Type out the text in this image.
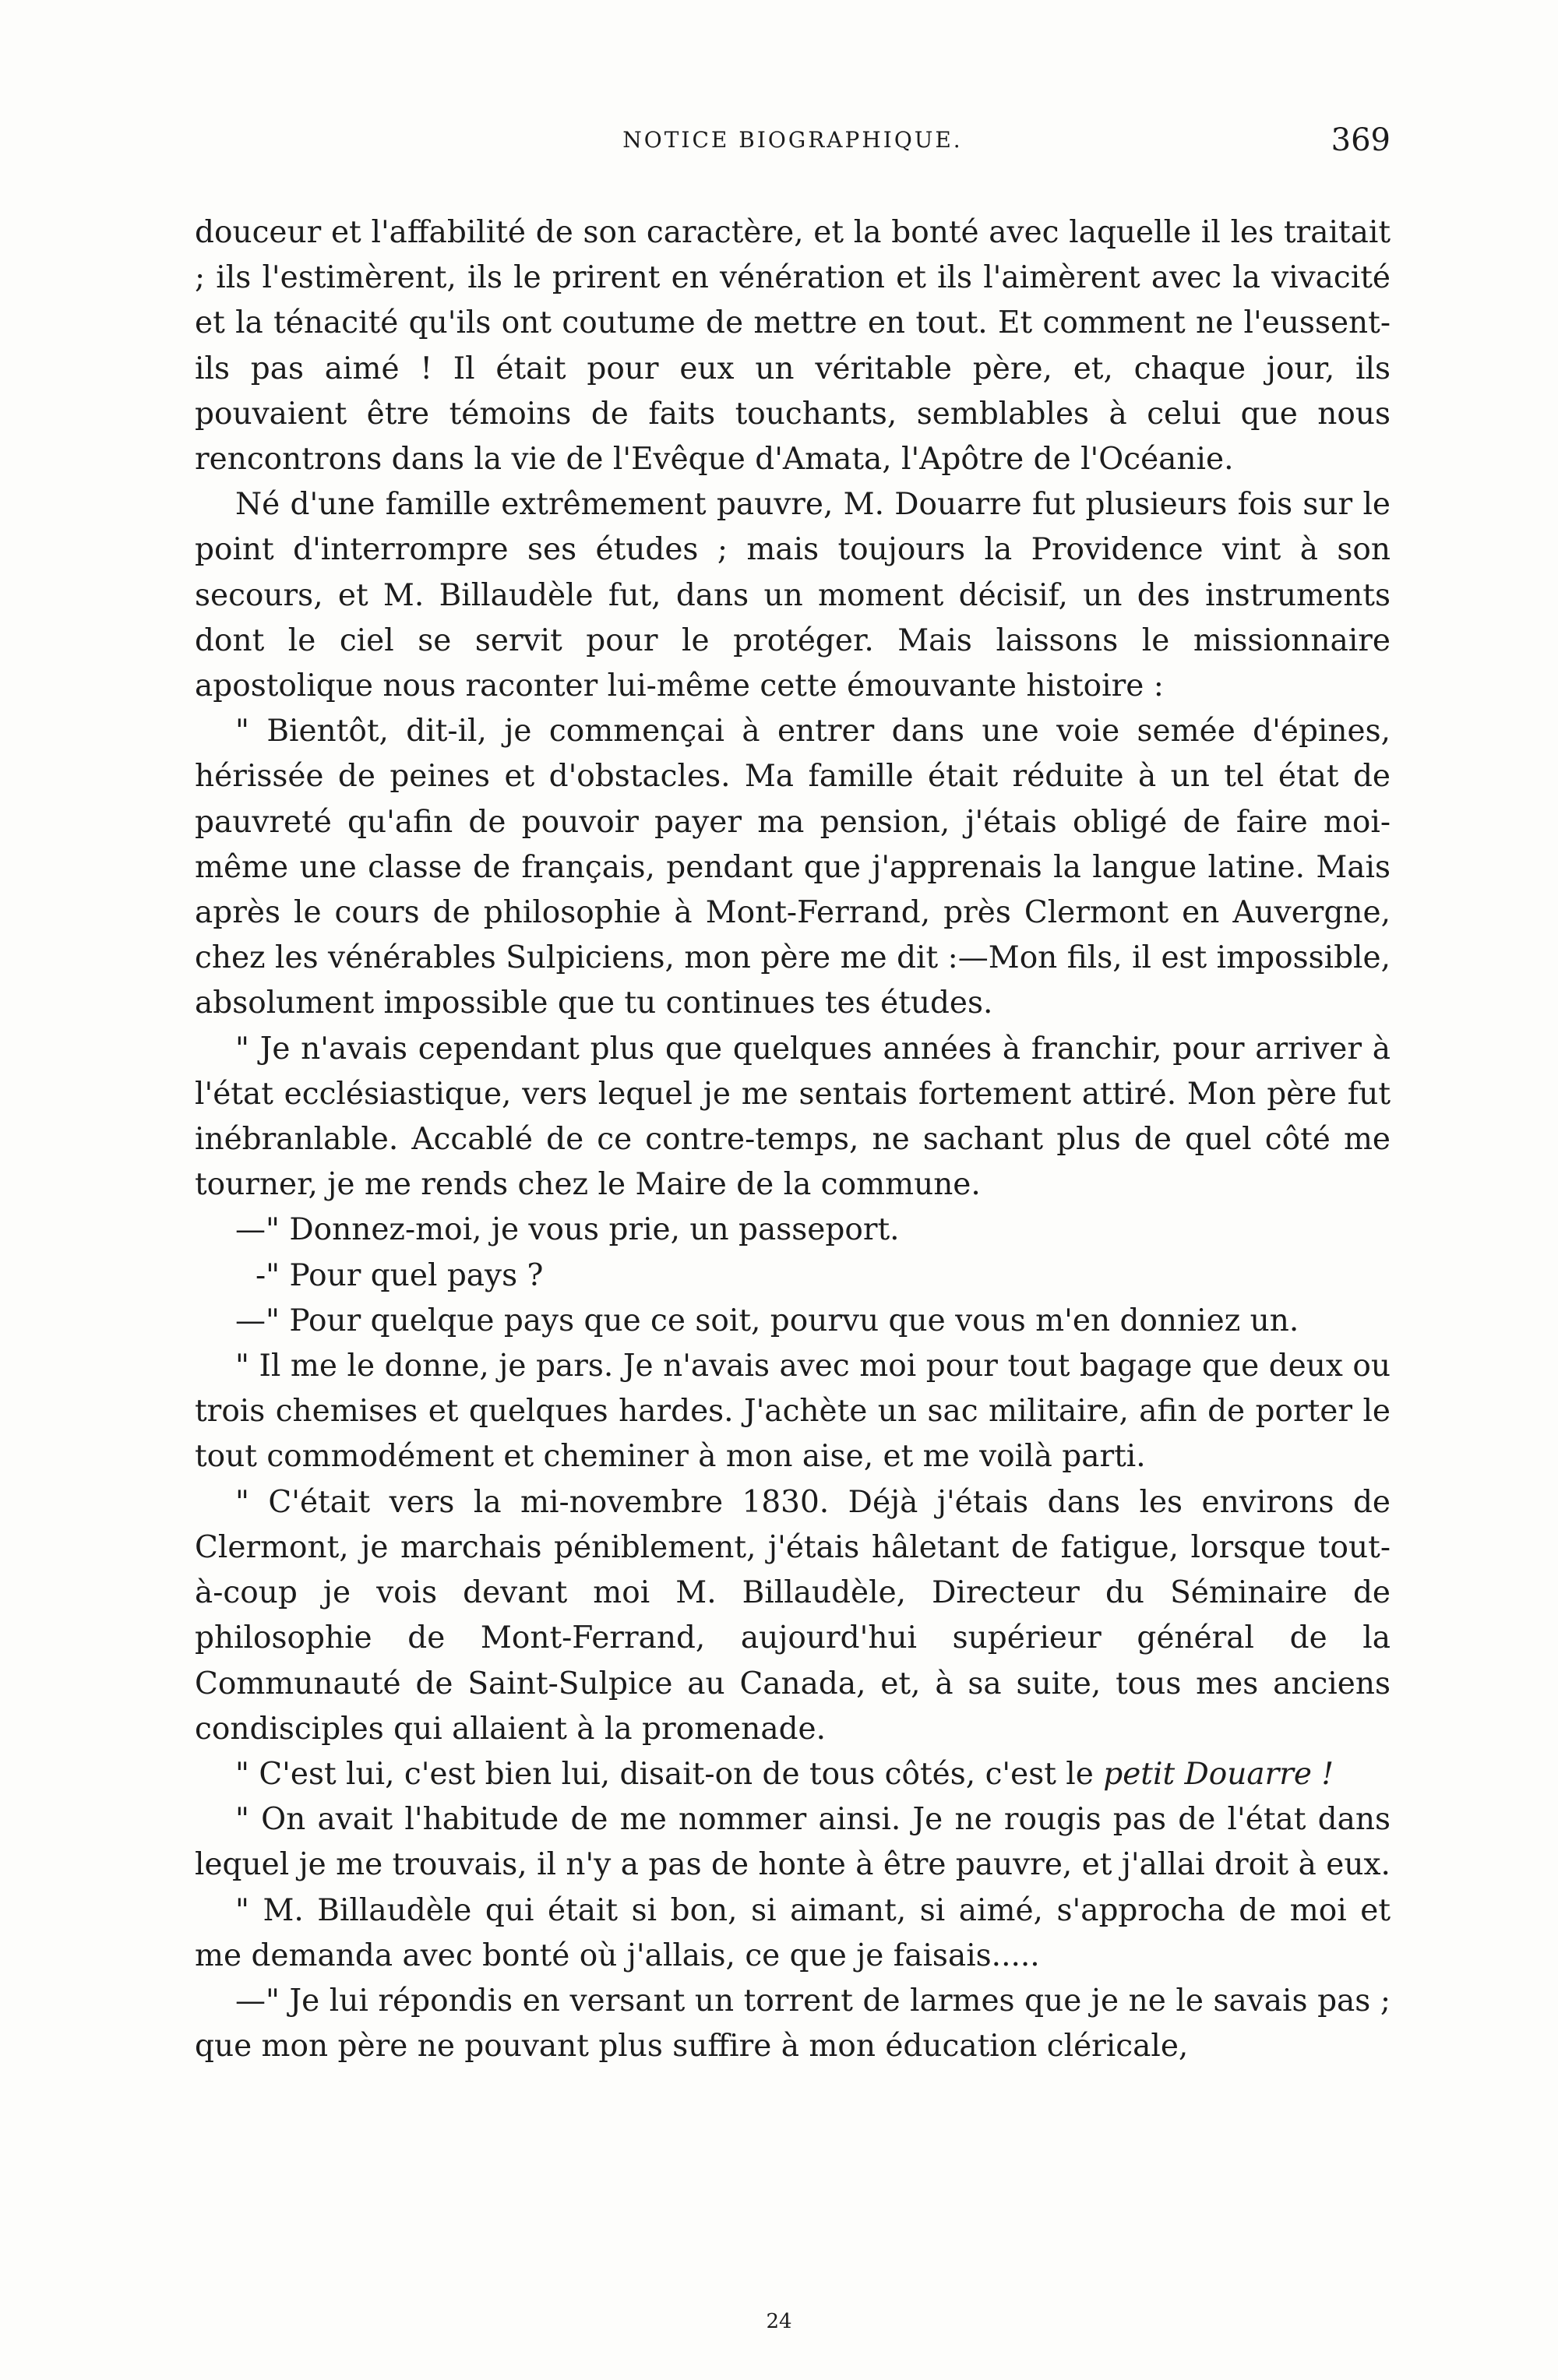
NOTICE BIOGRAPHIQUE.	369

douceur et l'affabilité de son caractère, et la bonté avec laquelle il les traitait ; ils l'estimèrent, ils le prirent en vénération et ils l'aimèrent avec la vivacité et la ténacité qu'ils ont coutume de mettre en tout. Et comment ne l'eussent-ils pas aimé ! Il était pour eux un véritable père, et, chaque jour, ils pouvaient être témoins de faits touchants, semblables à celui que nous rencontrons dans la vie de l'Evêque d'Amata, l'Apôtre de l'Océanie.

Né d'une famille extrêmement pauvre, M. Douarre fut plusieurs fois sur le point d'interrompre ses études ; mais toujours la Providence vint à son secours, et M. Billaudèle fut, dans un moment décisif, un des instruments dont le ciel se servit pour le protéger. Mais laissons le missionnaire apostolique nous raconter lui-même cette émouvante histoire :

" Bientôt, dit-il, je commençai à entrer dans une voie semée d'épines, hérissée de peines et d'obstacles. Ma famille était réduite à un tel état de pauvreté qu'afin de pouvoir payer ma pension, j'étais obligé de faire moi-même une classe de français, pendant que j'apprenais la langue latine. Mais après le cours de philosophie à Mont-Ferrand, près Clermont en Auvergne, chez les vénérables Sulpiciens, mon père me dit :—Mon fils, il est impossible, absolument impossible que tu continues tes études.

" Je n'avais cependant plus que quelques années à franchir, pour arriver à l'état ecclésiastique, vers lequel je me sentais fortement attiré. Mon père fut inébranlable. Accablé de ce contre-temps, ne sachant plus de quel côté me tourner, je me rends chez le Maire de la commune.

—" Donnez-moi, je vous prie, un passeport.

-" Pour quel pays ?

—" Pour quelque pays que ce soit, pourvu que vous m'en donniez un.

" Il me le donne, je pars. Je n'avais avec moi pour tout bagage que deux ou trois chemises et quelques hardes. J'achète un sac militaire, afin de porter le tout commodément et cheminer à mon aise, et me voilà parti.

" C'était vers la mi-novembre 1830. Déjà j'étais dans les environs de Clermont, je marchais péniblement, j'étais hâletant de fatigue, lorsque tout-à-coup je vois devant moi M. Billaudèle, Directeur du Séminaire de philosophie de Mont-Ferrand, aujourd'hui supérieur général de la Communauté de Saint-Sulpice au Canada, et, à sa suite, tous mes anciens condisciples qui allaient à la promenade.

" C'est lui, c'est bien lui, disait-on de tous côtés, c'est le petit Douarre !

" On avait l'habitude de me nommer ainsi. Je ne rougis pas de l'état dans lequel je me trouvais, il n'y a pas de honte à être pauvre, et j'allai droit à eux.

" M. Billaudèle qui était si bon, si aimant, si aimé, s'approcha de moi et me demanda avec bonté où j'allais, ce que je faisais.....

—" Je lui répondis en versant un torrent de larmes que je ne le savais pas ; que mon père ne pouvant plus suffire à mon éducation cléricale,

24
